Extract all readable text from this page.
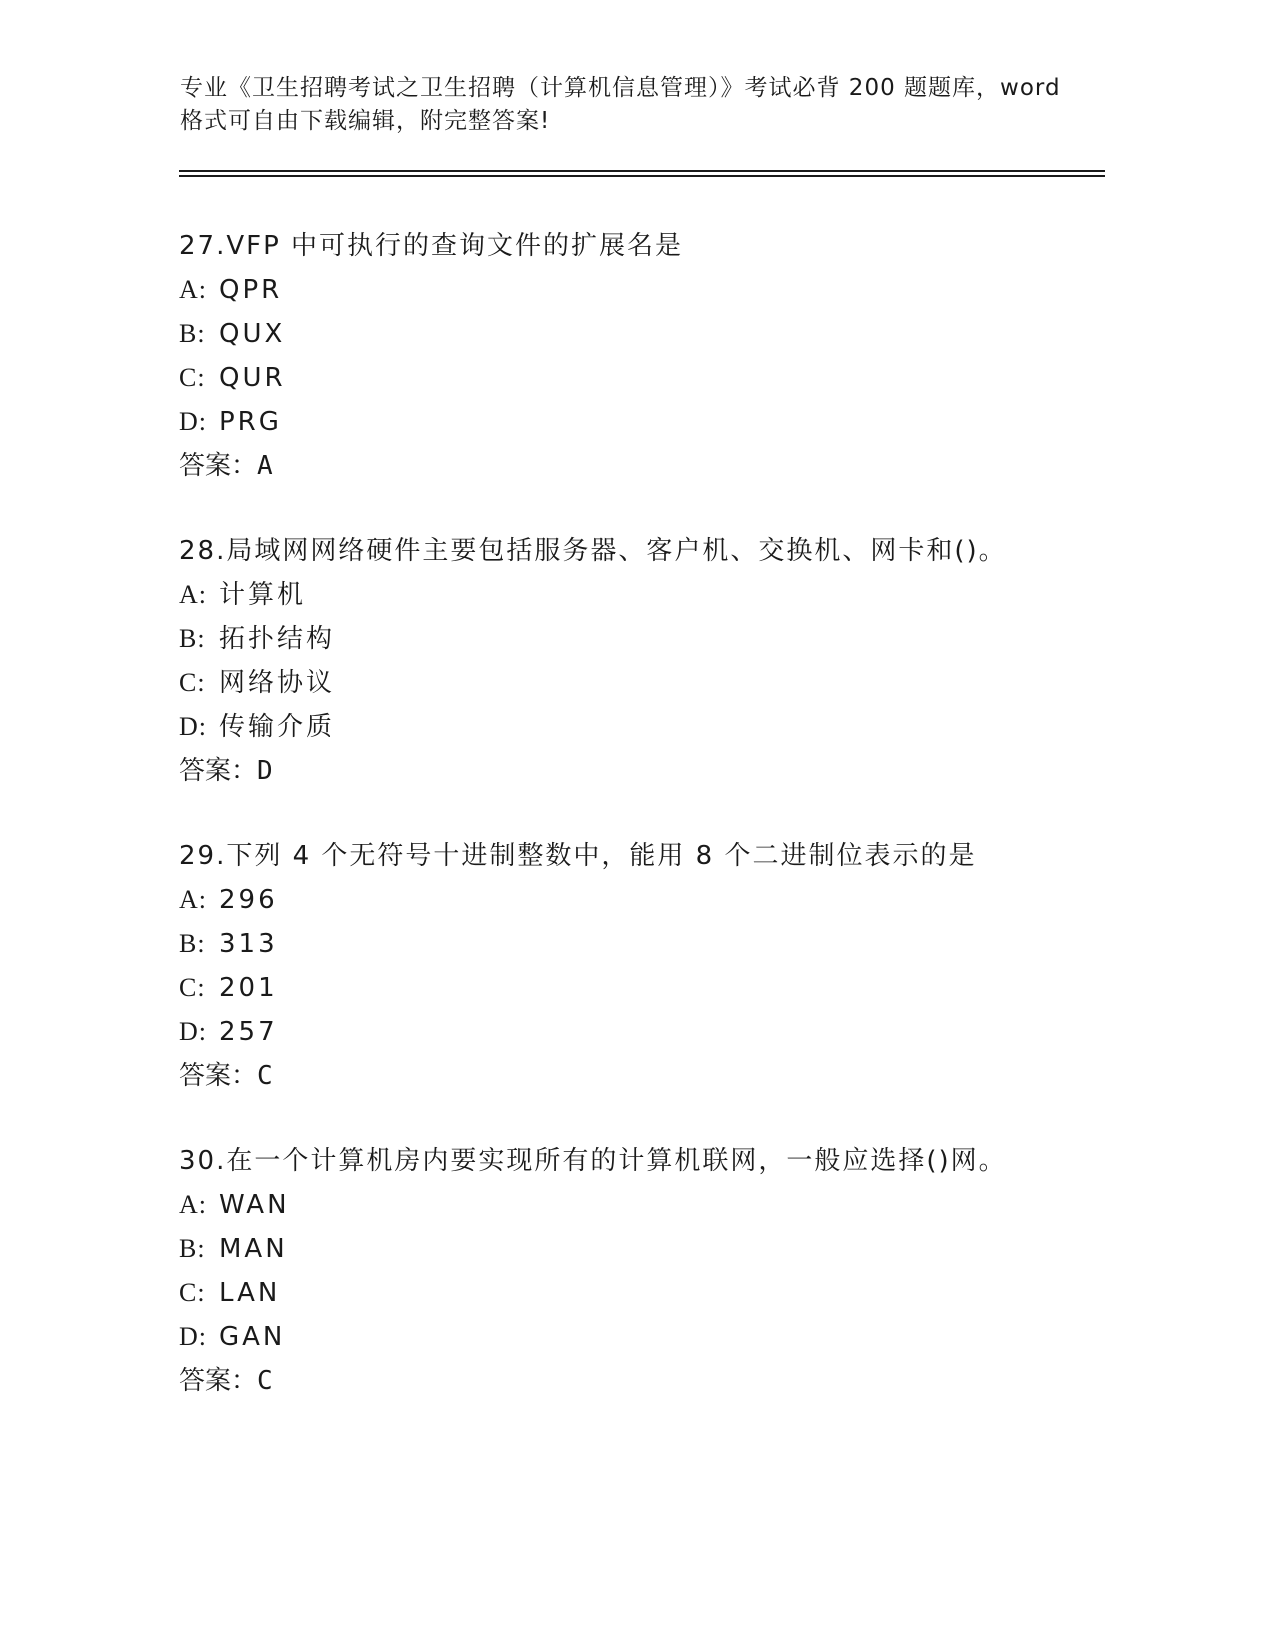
专业《卫生招聘考试之卫生招聘（计算机信息管理）》考试必背 200 题题库，word
格式可自由下载编辑，附完整答案!
27.VFP 中可执行的查询文件的扩展名是
A: QPR
B: QUX
C: QUR
D: PRG
答案：A
28.局域网网络硬件主要包括服务器、客户机、交换机、网卡和()。
A: 计算机
B: 拓扑结构
C: 网络协议
D: 传输介质
答案：D
29.下列 4 个无符号十进制整数中，能用 8 个二进制位表示的是
A: 296
B: 313
C: 201
D: 257
答案：C
30.在一个计算机房内要实现所有的计算机联网，一般应选择()网。
A: WAN
B: MAN
C: LAN
D: GAN
答案：C
